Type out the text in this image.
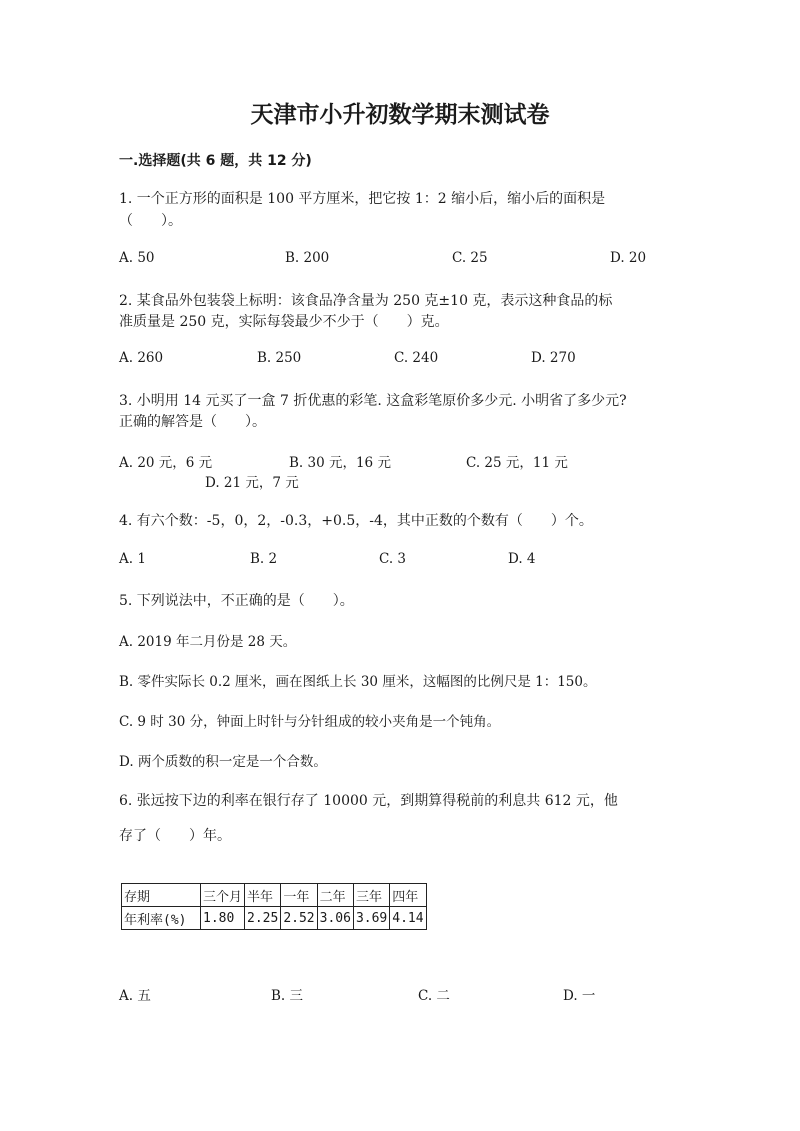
天津市小升初数学期末测试卷
一.选择题(共 6 题，共 12 分)
1. 一个正方形的面积是 100 平方厘米，把它按 1：2 缩小后，缩小后的面积是
（　　）。
A. 50	B. 200	C. 25	D. 20
2. 某食品外包装袋上标明：该食品净含量为 250 克±10 克，表示这种食品的标
准质量是 250 克，实际每袋最少不少于（　　）克。
A. 260	B. 250	C. 240	D. 270
3. 小明用 14 元买了一盒 7 折优惠的彩笔. 这盒彩笔原价多少元. 小明省了多少元?
正确的解答是（　　）。
A. 20 元，6 元	B. 30 元，16 元	C. 25 元，11 元
D. 21 元，7 元
4. 有六个数：-5，0，2，-0.3，+0.5，-4，其中正数的个数有（　　）个。
A. 1	B. 2	C. 3	D. 4
5. 下列说法中，不正确的是（　　）。
A. 2019 年二月份是 28 天。
B. 零件实际长 0.2 厘米，画在图纸上长 30 厘米，这幅图的比例尺是 1：150。
C. 9 时 30 分，钟面上时针与分针组成的较小夹角是一个钝角。
D. 两个质数的积一定是一个合数。
6. 张远按下边的利率在银行存了 10000 元，到期算得税前的利息共 612 元，他
存了（　　）年。
存期	三个月	半年	一年	二年	三年	四年
年利率(%)	1.80	2.25	2.52	3.06	3.69	4.14
A. 五	B. 三	C. 二	D. 一
